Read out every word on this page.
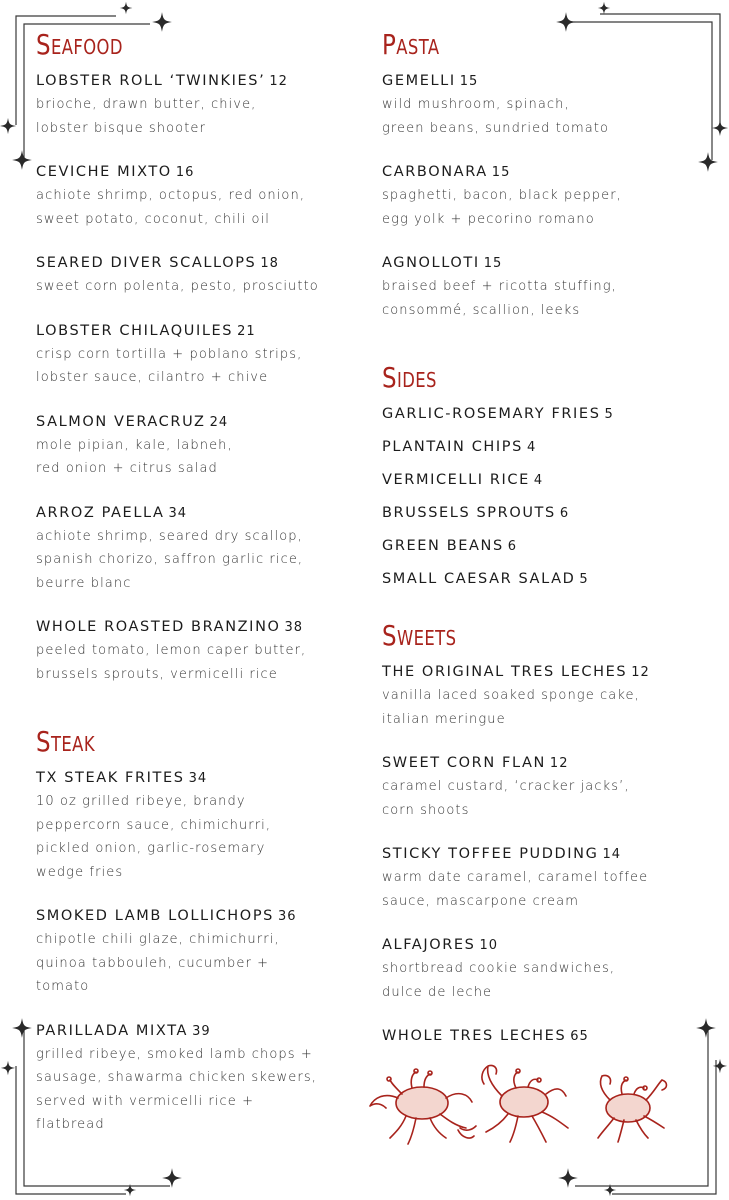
Seafood
LOBSTER ROLL ‘TWINKIES’ 12
brioche, drawn butter, chive,
lobster bisque shooter
CEVICHE MIXTO 16
achiote shrimp, octopus, red onion,
sweet potato, coconut, chili oil
SEARED DIVER SCALLOPS 18
sweet corn polenta, pesto, prosciutto
LOBSTER CHILAQUILES 21
crisp corn tortilla + poblano strips,
lobster sauce, cilantro + chive
SALMON VERACRUZ 24
mole pipian, kale, labneh,
red onion + citrus salad
ARROZ PAELLA 34
achiote shrimp, seared dry scallop,
spanish chorizo, saffron garlic rice,
beurre blanc
WHOLE ROASTED BRANZINO 38
peeled tomato, lemon caper butter,
brussels sprouts, vermicelli rice
Steak
TX STEAK FRITES 34
10 oz grilled ribeye, brandy
peppercorn sauce, chimichurri,
pickled onion, garlic-rosemary
wedge fries
SMOKED LAMB LOLLICHOPS 36
chipotle chili glaze, chimichurri,
quinoa tabbouleh, cucumber +
tomato
PARILLADA MIXTA 39
grilled ribeye, smoked lamb chops +
sausage, shawarma chicken skewers,
served with vermicelli rice +
flatbread
Pasta
GEMELLI 15
wild mushroom, spinach,
green beans, sundried tomato
CARBONARA 15
spaghetti, bacon, black pepper,
egg yolk + pecorino romano
AGNOLLOTI 15
braised beef + ricotta stuffing,
consommé, scallion, leeks
Sides
GARLIC-ROSEMARY FRIES 5
PLANTAIN CHIPS 4
VERMICELLI RICE 4
BRUSSELS SPROUTS 6
GREEN BEANS 6
SMALL CAESAR SALAD 5
Sweets
THE ORIGINAL TRES LECHES 12
vanilla laced soaked sponge cake,
italian meringue
SWEET CORN FLAN 12
caramel custard, ‘cracker jacks’,
corn shoots
STICKY TOFFEE PUDDING 14
warm date caramel, caramel toffee
sauce, mascarpone cream
ALFAJORES 10
shortbread cookie sandwiches,
dulce de leche
WHOLE TRES LECHES 65
